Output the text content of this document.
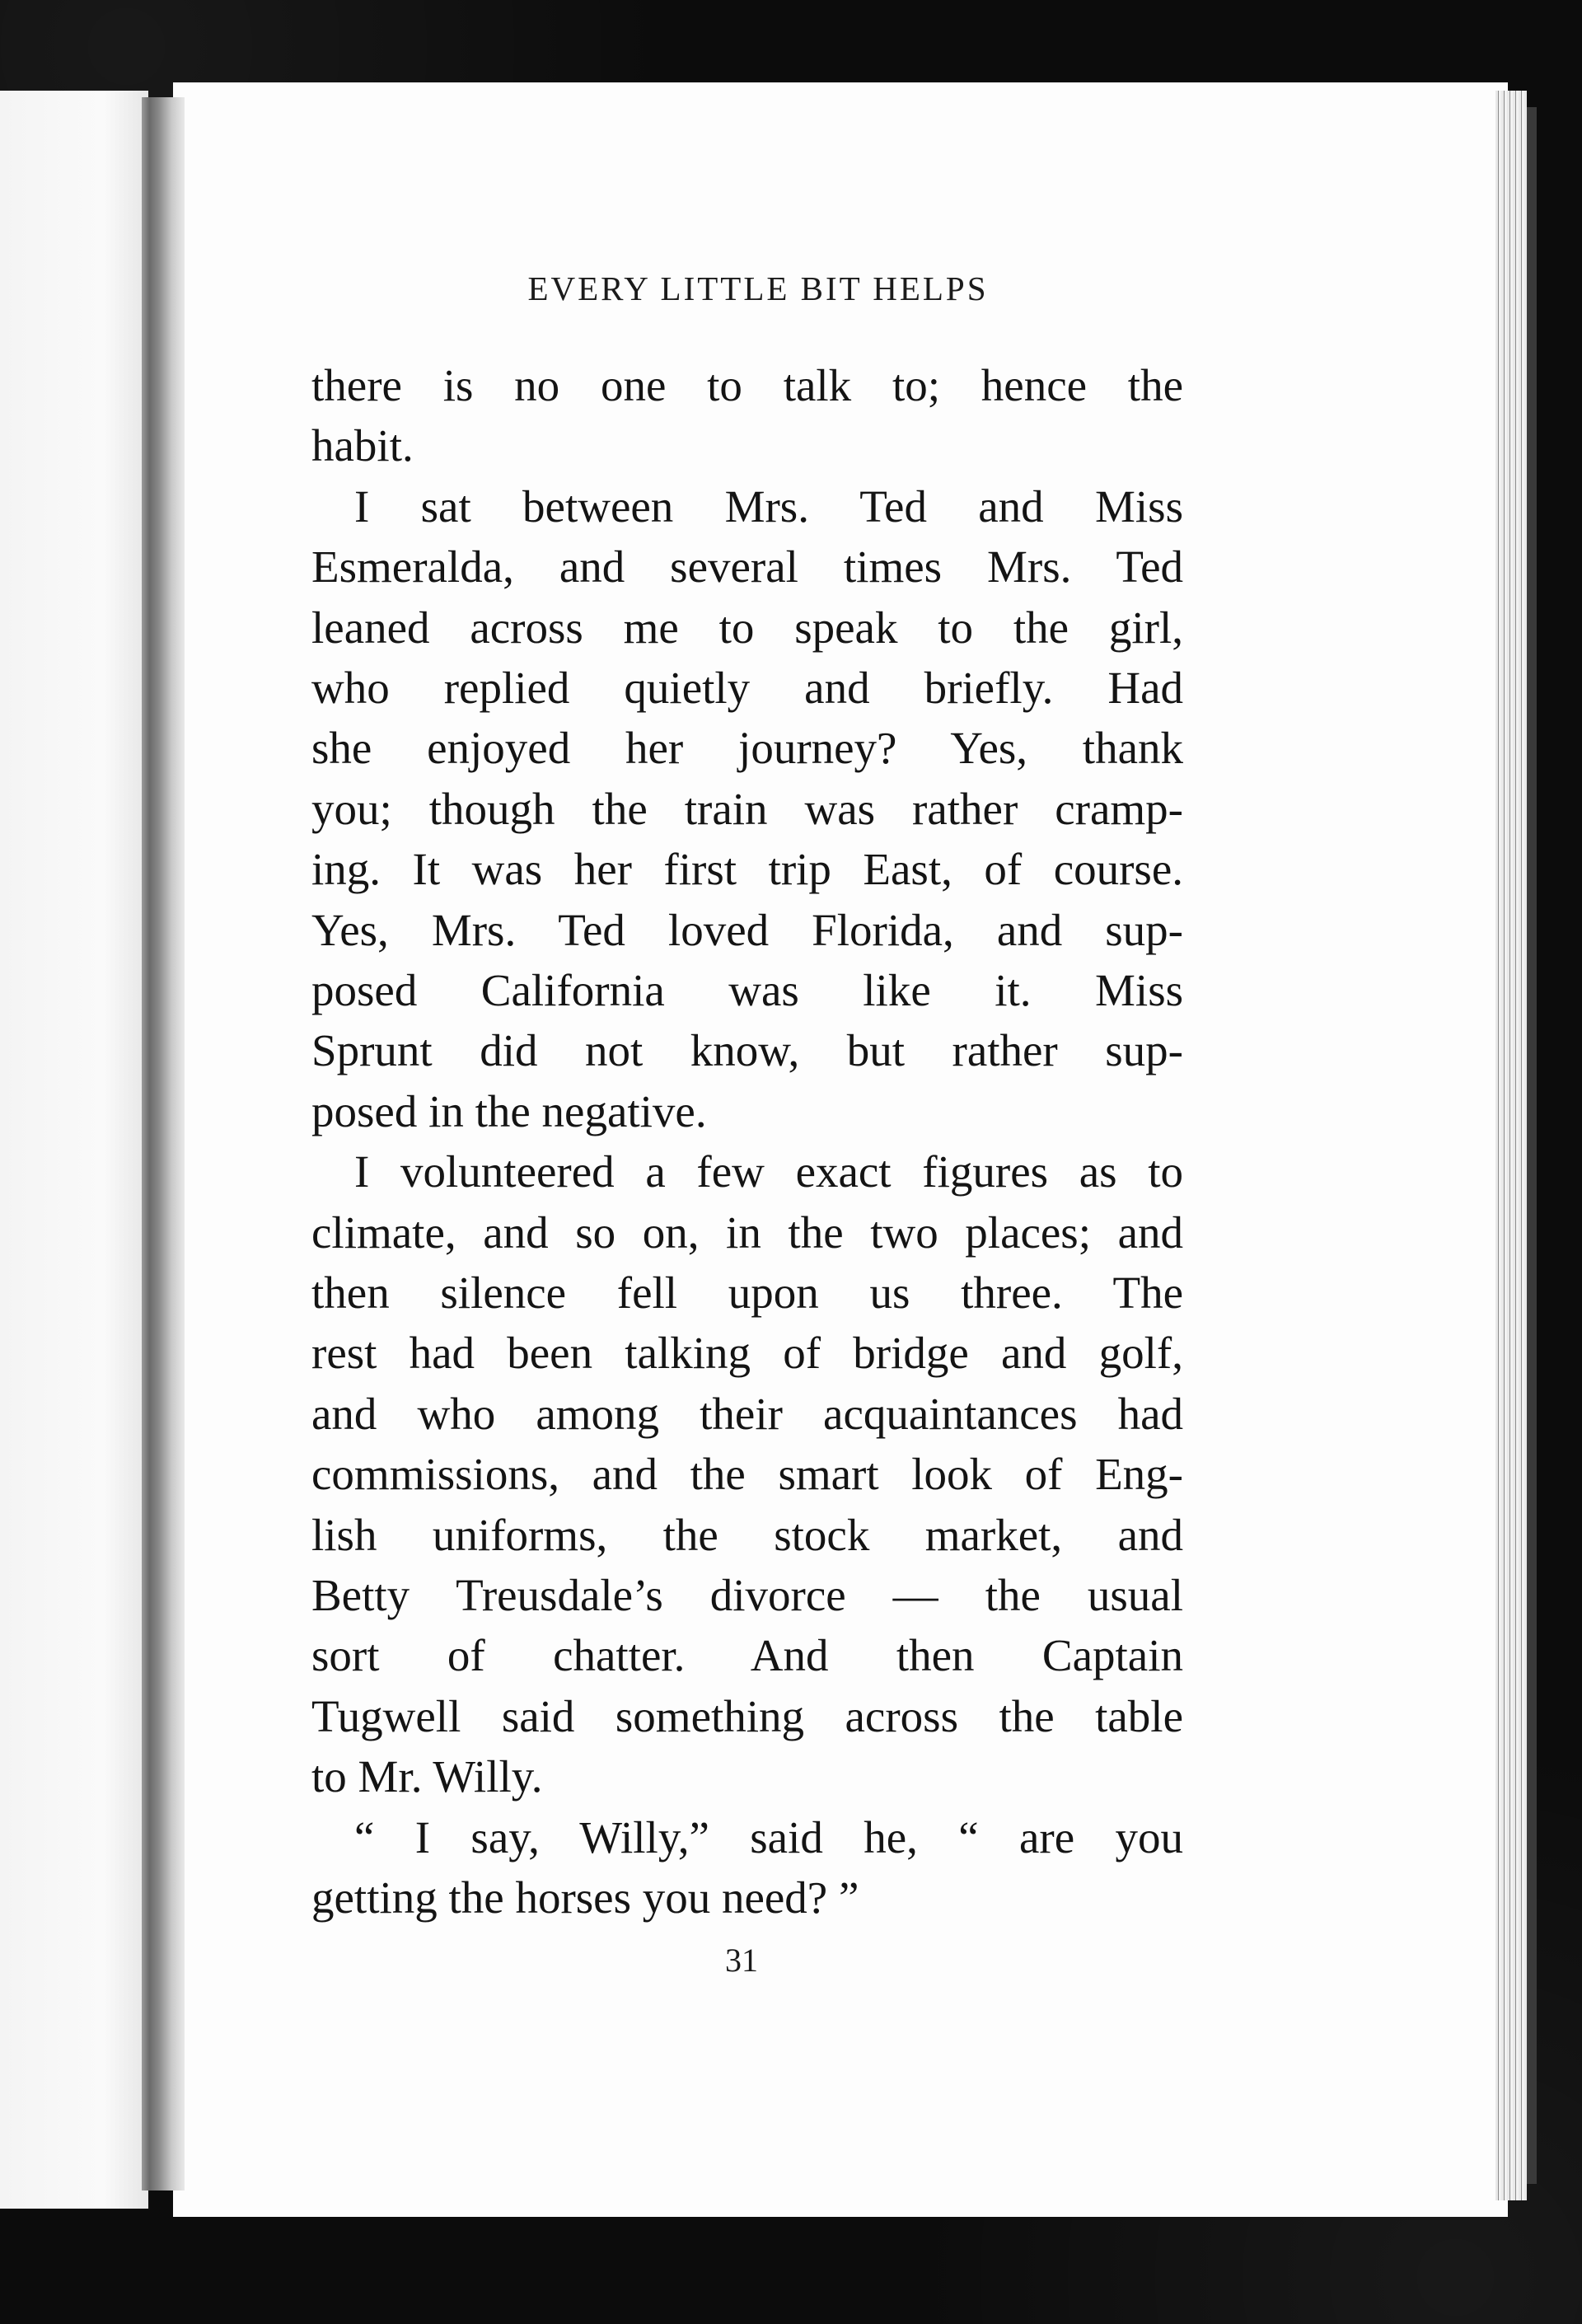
EVERY LITTLE BIT HELPS
there is no one to talk to; hence the
habit.
I sat between Mrs. Ted and Miss
Esmeralda, and several times Mrs. Ted
leaned across me to speak to the girl,
who replied quietly and briefly. Had
she enjoyed her journey? Yes, thank
you; though the train was rather cramp-
ing. It was her first trip East, of course.
Yes, Mrs. Ted loved Florida, and sup-
posed California was like it. Miss
Sprunt did not know, but rather sup-
posed in the negative.
I volunteered a few exact figures as to
climate, and so on, in the two places; and
then silence fell upon us three. The
rest had been talking of bridge and golf,
and who among their acquaintances had
commissions, and the smart look of Eng-
lish uniforms, the stock market, and
Betty Treusdale’s divorce — the usual
sort of chatter. And then Captain
Tugwell said something across the table
to Mr. Willy.
“ I say, Willy,” said he, “ are you
getting the horses you need? ”
31
